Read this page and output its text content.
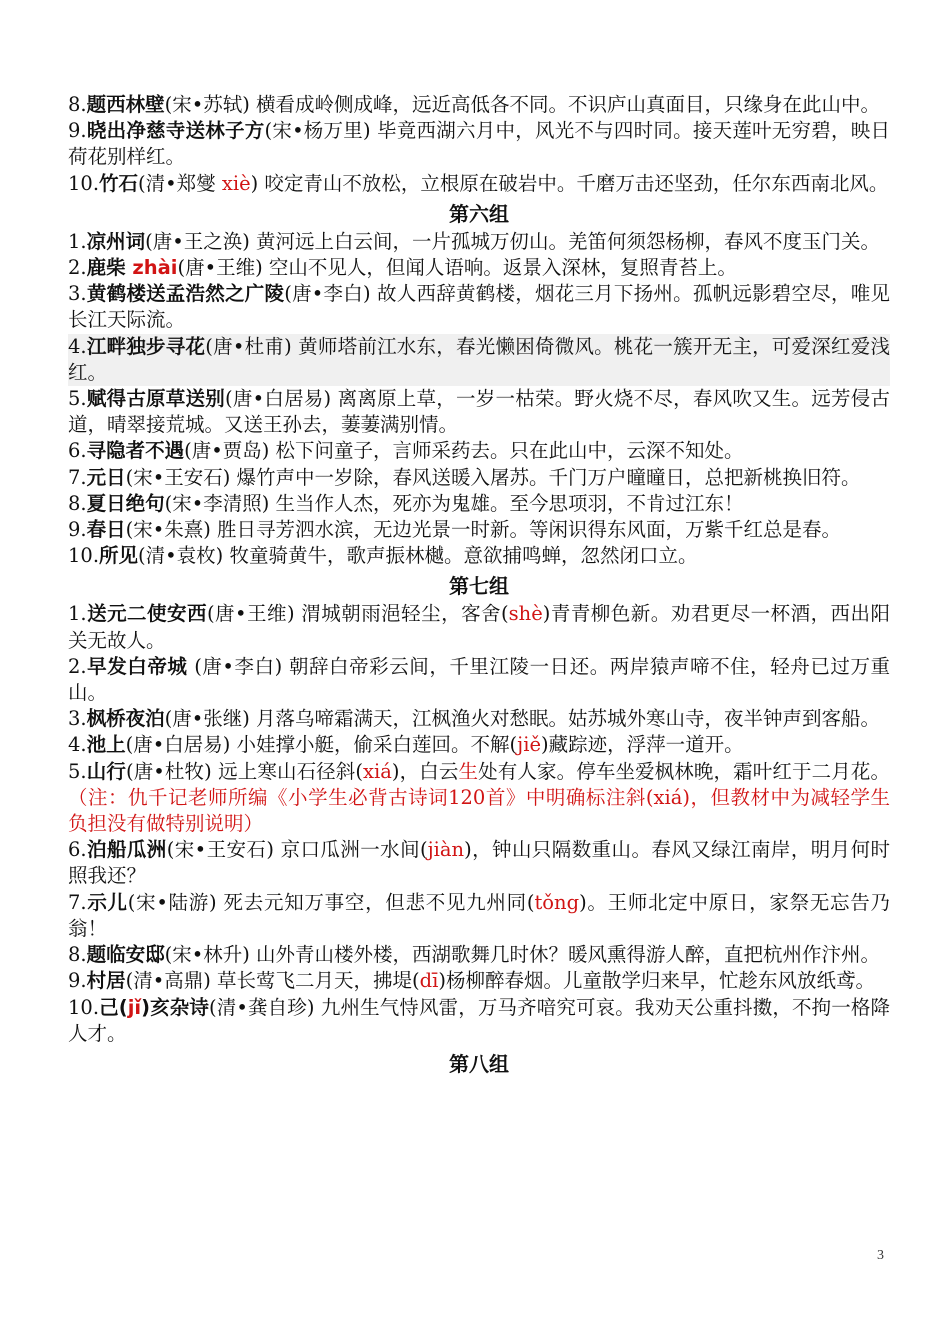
8.题西林壁(宋•苏轼) 横看成岭侧成峰，远近高低各不同。不识庐山真面目，只缘身在此山中。

9.晓出净慈寺送林子方(宋•杨万里) 毕竟西湖六月中，风光不与四时同。接天莲叶无穷碧，映日荷花别样红。

10.竹石(清•郑燮 xiè) 咬定青山不放松，立根原在破岩中。千磨万击还坚劲，任尔东西南北风。

第六组

1.凉州词(唐•王之涣) 黄河远上白云间，一片孤城万仞山。羌笛何须怨杨柳，春风不度玉门关。

2.鹿柴 zhài(唐•王维) 空山不见人，但闻人语响。返景入深林，复照青苔上。

3.黄鹤楼送孟浩然之广陵(唐•李白) 故人西辞黄鹤楼，烟花三月下扬州。孤帆远影碧空尽，唯见长江天际流。

4.江畔独步寻花(唐•杜甫) 黄师塔前江水东，春光懒困倚微风。桃花一簇开无主，可爱深红爱浅红。

5.赋得古原草送别(唐•白居易) 离离原上草，一岁一枯荣。野火烧不尽，春风吹又生。远芳侵古道，晴翠接荒城。又送王孙去，萋萋满别情。

6.寻隐者不遇(唐•贾岛) 松下问童子，言师采药去。只在此山中，云深不知处。

7.元日(宋•王安石) 爆竹声中一岁除，春风送暖入屠苏。千门万户曈曈日，总把新桃换旧符。

8.夏日绝句(宋•李清照) 生当作人杰，死亦为鬼雄。至今思项羽，不肯过江东！

9.春日(宋•朱熹) 胜日寻芳泗水滨，无边光景一时新。等闲识得东风面，万紫千红总是春。

10.所见(清•袁枚) 牧童骑黄牛，歌声振林樾。意欲捕鸣蝉，忽然闭口立。

第七组

1.送元二使安西(唐•王维) 渭城朝雨浥轻尘，客舍(shè)青青柳色新。劝君更尽一杯酒，西出阳关无故人。

2.早发白帝城 (唐•李白) 朝辞白帝彩云间，千里江陵一日还。两岸猿声啼不住，轻舟已过万重山。

3.枫桥夜泊(唐•张继) 月落乌啼霜满天，江枫渔火对愁眠。姑苏城外寒山寺，夜半钟声到客船。

4.池上(唐•白居易) 小娃撑小艇，偷采白莲回。不解(jiě)藏踪迹，浮萍一道开。

5.山行(唐•杜牧) 远上寒山石径斜(xiá)，白云生处有人家。停车坐爱枫林晚，霜叶红于二月花。 （注：仇千记老师所编《小学生必背古诗词120首》中明确标注斜(xiá)，但教材中为减轻学生负担没有做特别说明）

6.泊船瓜洲(宋•王安石) 京口瓜洲一水间(jiàn)，钟山只隔数重山。春风又绿江南岸，明月何时照我还？

7.示儿(宋•陆游) 死去元知万事空，但悲不见九州同(tǒng)。王师北定中原日，家祭无忘告乃翁！

8.题临安邸(宋•林升) 山外青山楼外楼，西湖歌舞几时休？暖风熏得游人醉，直把杭州作汴州。

9.村居(清•高鼎) 草长莺飞二月天，拂堤(dī)杨柳醉春烟。儿童散学归来早，忙趁东风放纸鸢。

10.己(jǐ)亥杂诗(清•龚自珍) 九州生气恃风雷，万马齐喑究可哀。我劝天公重抖擞，不拘一格降人才。

第八组
3
